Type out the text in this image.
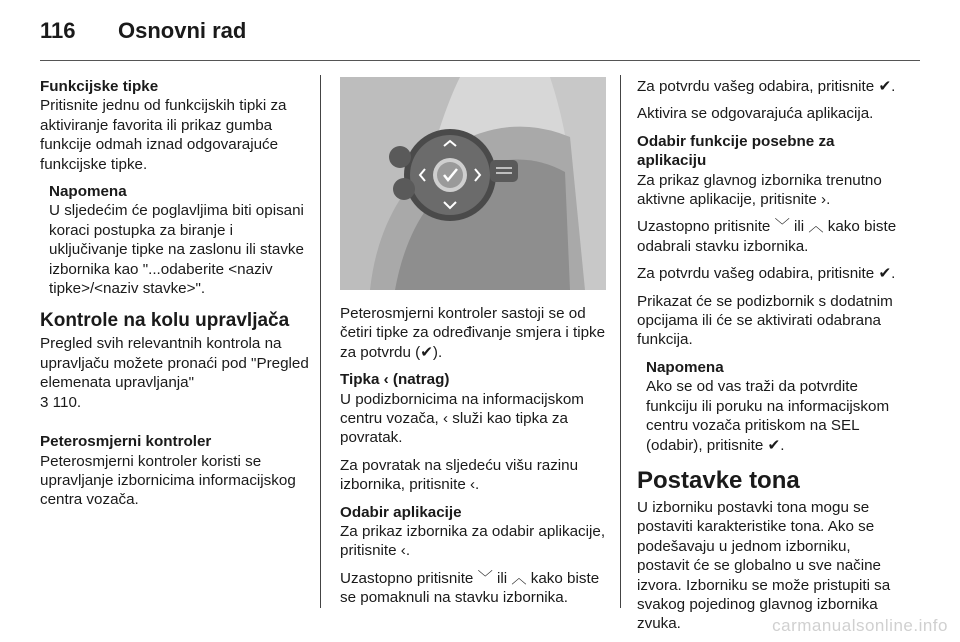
116 Osnovni rad
Funkcijske tipke

Pritisnite jednu od funkcijskih tipki za aktiviranje favorita ili prikaz gumba funkcije odmah iznad odgovarajuće funkcijske tipke.

Napomena

U sljedećim će poglavljima biti opisani koraci postupka za biranje i uključivanje tipke na zaslonu ili stavke izbornika kao "...odaberite <naziv tipke>/<naziv stavke>".

Kontrole na kolu upravljača

Pregled svih relevantnih kontrola na upravljaču možete pronaći pod "Pregled elemenata upravljanja"
3 110.

Peterosmjerni kontroler

Peterosmjerni kontroler koristi se upravljanje izbornicima informacijskog centra vozača.

Peterosmjerni kontroler sastoji se od četiri tipke za određivanje smjera i tipke za potvrdu (✔).

Tipka ‹ (natrag)

U podizbornicima na informacijskom centru vozača, ‹ služi kao tipka za povratak.

Za povratak na sljedeću višu razinu izbornika, pritisnite ‹.

Odabir aplikacije

Za prikaz izbornika za odabir aplikacije, pritisnite ‹.

Uzastopno pritisnite ﹀ ili ︿ kako biste se pomaknuli na stavku izbornika.

Za potvrdu vašeg odabira, pritisnite ✔.

Aktivira se odgovarajuća aplikacija.

Odabir funkcije posebne za aplikaciju

Za prikaz glavnog izbornika trenutno aktivne aplikacije, pritisnite ›.

Uzastopno pritisnite ﹀ ili ︿ kako biste odabrali stavku izbornika.

Za potvrdu vašeg odabira, pritisnite ✔.

Prikazat će se podizbornik s dodatnim opcijama ili će se aktivirati odabrana funkcija.

Napomena

Ako se od vas traži da potvrdite funkciju ili poruku na informacijskom centru vozača pritiskom na SEL (odabir), pritisnite ✔.

Postavke tona

U izborniku postavki tona mogu se postaviti karakteristike tona. Ako se podešavaju u jednom izborniku, postavit će se globalno u sve načine izvora. Izborniku se može pristupiti sa svakog pojedinog glavnog izbornika zvuka.	carmanualsonline.info
